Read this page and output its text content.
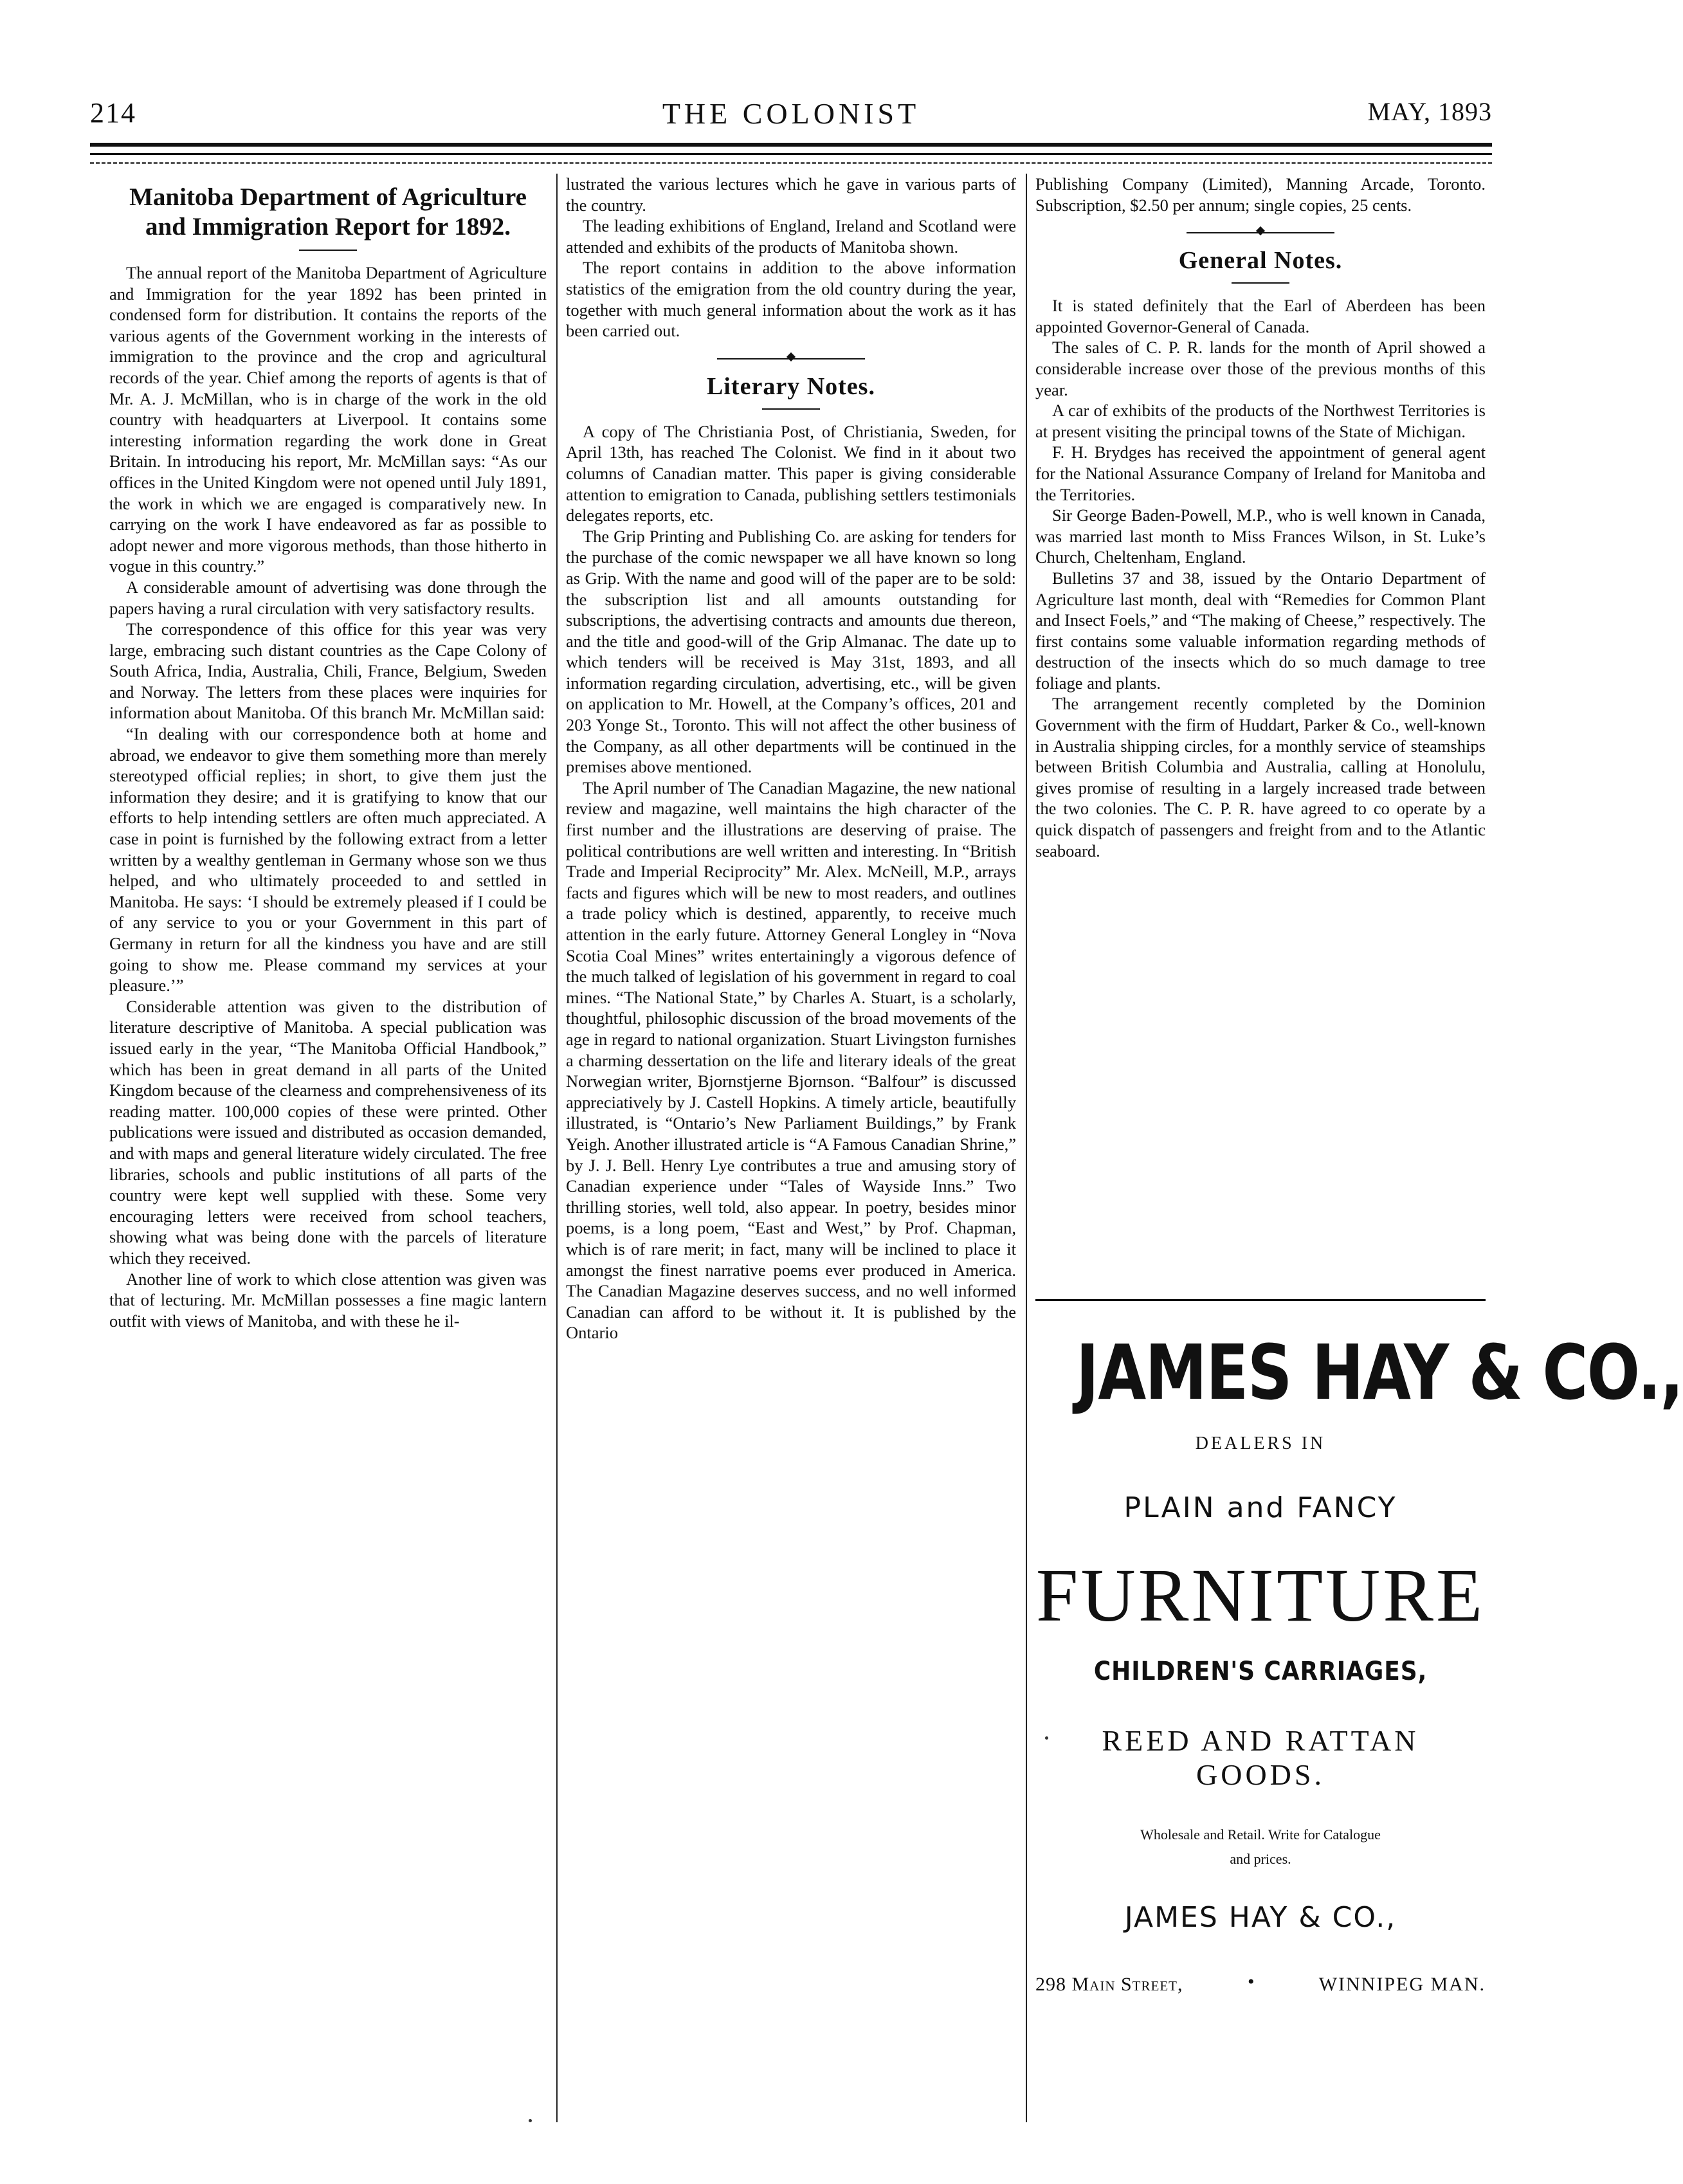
214	THE COLONIST	MAY, 1893
Manitoba Department of Agriculture and Immigration Report for 1892.

The annual report of the Manitoba Department of Agriculture and Immigration for the year 1892 has been printed in condensed form for distribution. It contains the reports of the various agents of the Government working in the interests of immigration to the province and the crop and agricultural records of the year. Chief among the reports of agents is that of Mr. A. J. McMillan, who is in charge of the work in the old country with headquarters at Liverpool. It contains some interesting information regarding the work done in Great Britain. In introducing his report, Mr. McMillan says: “As our offices in the United Kingdom were not opened until July 1891, the work in which we are engaged is comparatively new. In carrying on the work I have endeavored as far as possible to adopt newer and more vigorous methods, than those hitherto in vogue in this country.”

A considerable amount of advertising was done through the papers having a rural circulation with very satisfactory results.

The correspondence of this office for this year was very large, embracing such distant countries as the Cape Colony of South Africa, India, Australia, Chili, France, Belgium, Sweden and Norway. The letters from these places were inquiries for information about Manitoba. Of this branch Mr. McMillan said:

“In dealing with our correspondence both at home and abroad, we endeavor to give them something more than merely stereotyped official replies; in short, to give them just the information they desire; and it is gratifying to know that our efforts to help intending settlers are often much appreciated. A case in point is furnished by the following extract from a letter written by a wealthy gentleman in Germany whose son we thus helped, and who ultimately proceeded to and settled in Manitoba. He says: ‘I should be extremely pleased if I could be of any service to you or your Government in this part of Germany in return for all the kindness you have and are still going to show me. Please command my services at your pleasure.’”

Considerable attention was given to the distribution of literature descriptive of Manitoba. A special publication was issued early in the year, “The Manitoba Official Handbook,” which has been in great demand in all parts of the United Kingdom because of the clearness and comprehensiveness of its reading matter. 100,000 copies of these were printed. Other publications were issued and distributed as occasion demanded, and with maps and general literature widely circulated. The free libraries, schools and public institutions of all parts of the country were kept well supplied with these. Some very encouraging letters were received from school teachers, showing what was being done with the parcels of literature which they received.

Another line of work to which close attention was given was that of lecturing. Mr. McMillan possesses a fine magic lantern outfit with views of Manitoba, and with these he il-

lustrated the various lectures which he gave in various parts of the country.

The leading exhibitions of England, Ireland and Scotland were attended and exhibits of the products of Manitoba shown.

The report contains in addition to the above information statistics of the emigration from the old country during the year, together with much general information about the work as it has been carried out.

Literary Notes.

A copy of The Christiania Post, of Christiania, Sweden, for April 13th, has reached The Colonist. We find in it about two columns of Canadian matter. This paper is giving considerable attention to emigration to Canada, publishing settlers testimonials delegates reports, etc.

The Grip Printing and Publishing Co. are asking for tenders for the purchase of the comic newspaper we all have known so long as Grip. With the name and good will of the paper are to be sold: the subscription list and all amounts outstanding for subscriptions, the advertising contracts and amounts due thereon, and the title and good-will of the Grip Almanac. The date up to which tenders will be received is May 31st, 1893, and all information regarding circulation, advertising, etc., will be given on application to Mr. Howell, at the Company’s offices, 201 and 203 Yonge St., Toronto. This will not affect the other business of the Company, as all other departments will be continued in the premises above mentioned.

The April number of The Canadian Magazine, the new national review and magazine, well maintains the high character of the first number and the illustrations are deserving of praise. The political contributions are well written and interesting. In “British Trade and Imperial Reciprocity” Mr. Alex. McNeill, M.P., arrays facts and figures which will be new to most readers, and outlines a trade policy which is destined, apparently, to receive much attention in the early future. Attorney General Longley in “Nova Scotia Coal Mines” writes entertainingly a vigorous defence of the much talked of legislation of his government in regard to coal mines. “The National State,” by Charles A. Stuart, is a scholarly, thoughtful, philosophic discussion of the broad movements of the age in regard to national organization. Stuart Livingston furnishes a charming dessertation on the life and literary ideals of the great Norwegian writer, Bjornstjerne Bjornson. “Balfour” is discussed appreciatively by J. Castell Hopkins. A timely article, beautifully illustrated, is “Ontario’s New Parliament Buildings,” by Frank Yeigh. Another illustrated article is “A Famous Canadian Shrine,” by J. J. Bell. Henry Lye contributes a true and amusing story of Canadian experience under “Tales of Wayside Inns.” Two thrilling stories, well told, also appear. In poetry, besides minor poems, is a long poem, “East and West,” by Prof. Chapman, which is of rare merit; in fact, many will be inclined to place it amongst the finest narrative poems ever produced in America. The Canadian Magazine deserves success, and no well informed Canadian can afford to be without it. It is published by the Ontario

Publishing Company (Limited), Manning Arcade, Toronto. Subscription, $2.50 per annum; single copies, 25 cents.

General Notes.

It is stated definitely that the Earl of Aberdeen has been appointed Governor-General of Canada.

The sales of C. P. R. lands for the month of April showed a considerable increase over those of the previous months of this year.

A car of exhibits of the products of the Northwest Territories is at present visiting the principal towns of the State of Michigan.

F. H. Brydges has received the appointment of general agent for the National Assurance Company of Ireland for Manitoba and the Territories.

Sir George Baden-Powell, M.P., who is well known in Canada, was married last month to Miss Frances Wilson, in St. Luke’s Church, Cheltenham, England.

Bulletins 37 and 38, issued by the Ontario Department of Agriculture last month, deal with “Remedies for Common Plant and Insect Foels,” and “The making of Cheese,” respectively. The first contains some valuable information regarding methods of destruction of the insects which do so much damage to tree foliage and plants.

The arrangement recently completed by the Dominion Government with the firm of Huddart, Parker & Co., well-known in Australia shipping circles, for a monthly service of steamships between British Columbia and Australia, calling at Honolulu, gives promise of resulting in a largely increased trade between the two colonies. The C. P. R. have agreed to co operate by a quick dispatch of passengers and freight from and to the Atlantic seaboard.

JAMES HAY & CO.,
DEALERS IN
PLAIN and FANCY
FURNITURE
CHILDREN'S CARRIAGES,
REED AND RATTAN GOODS.
Wholesale and Retail. Write for Catalogue
and prices.
JAMES HAY & CO.,
298 Main Street,	•	WINNIPEG MAN.
